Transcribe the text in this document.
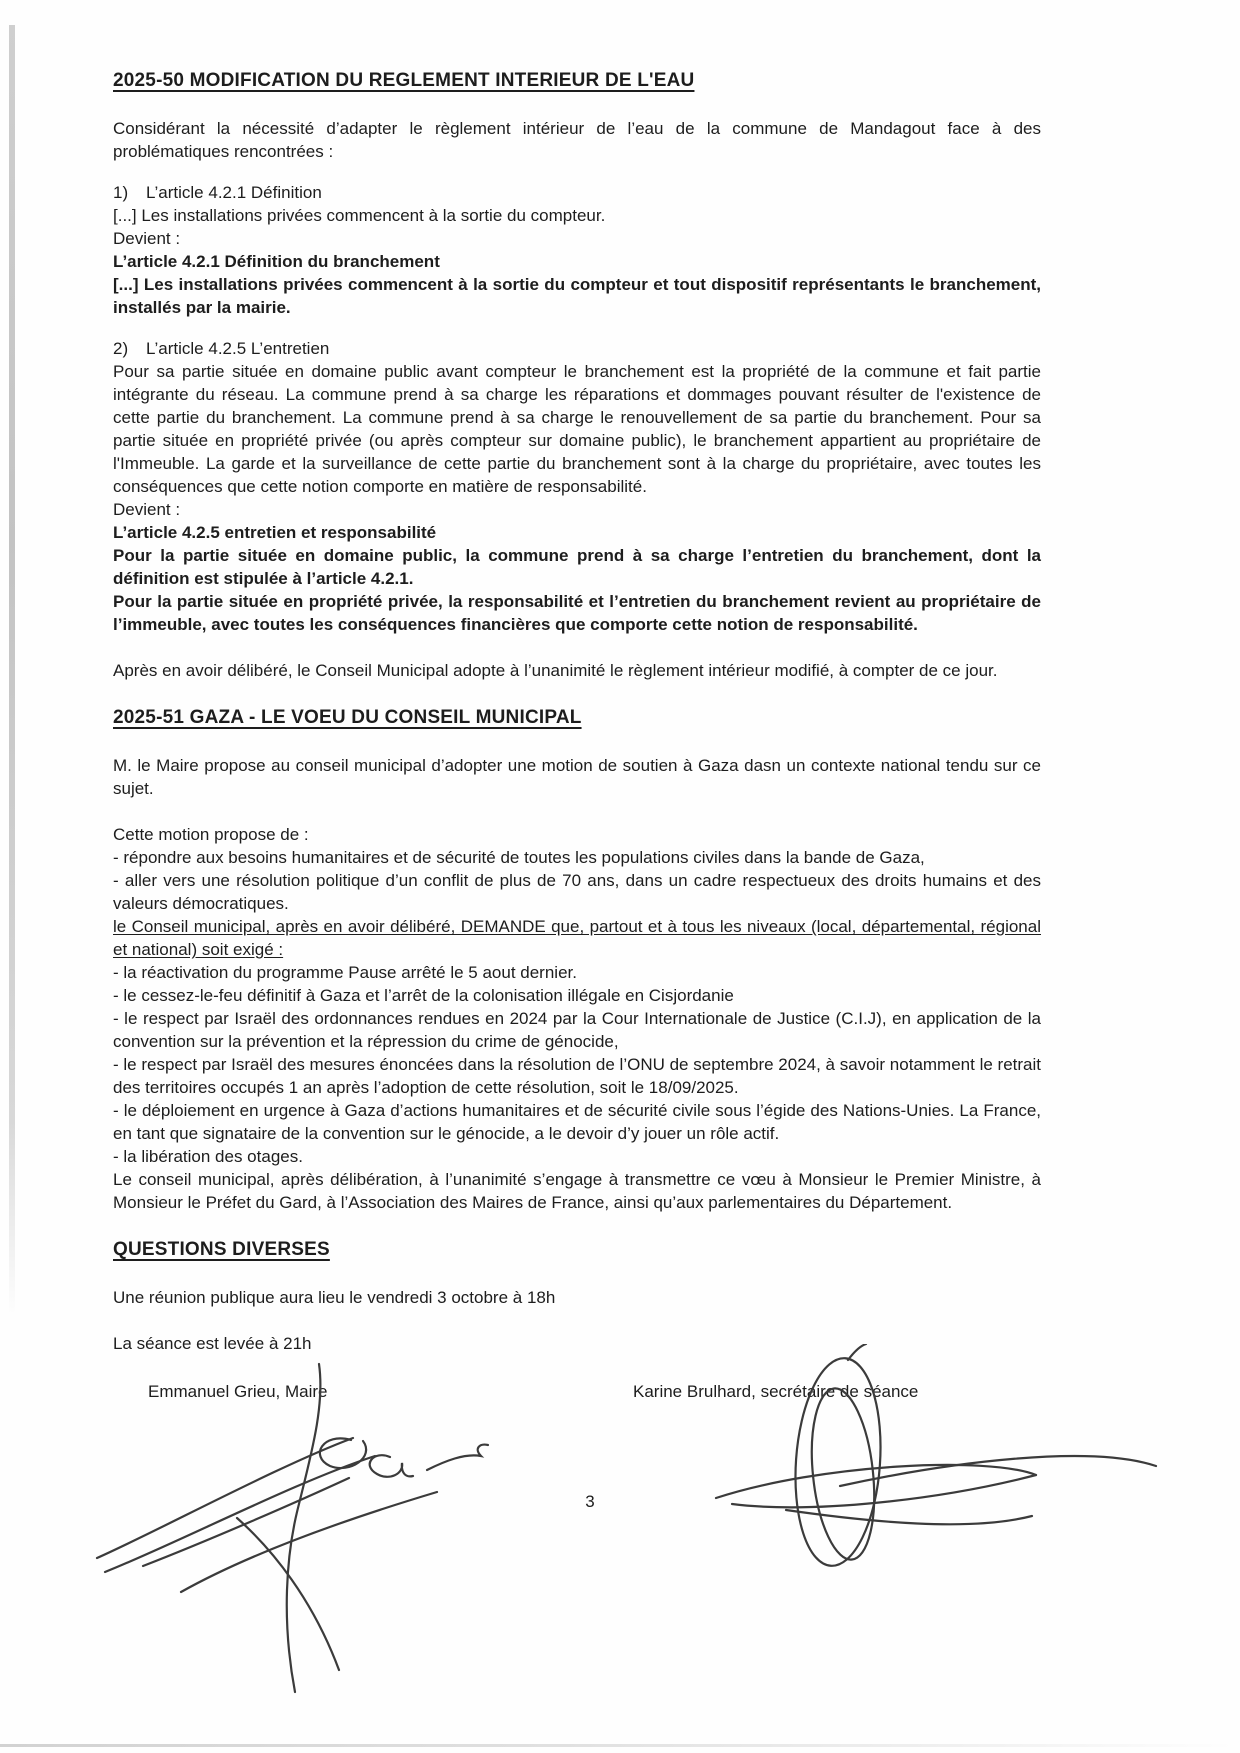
2025-50 MODIFICATION DU REGLEMENT INTERIEUR DE L'EAU

Considérant la nécessité d’adapter le règlement intérieur de l’eau de la commune de Mandagout face à des problématiques rencontrées :

1) L’article 4.2.1 Définition

[...] Les installations privées commencent à la sortie du compteur.

Devient :

L’article 4.2.1 Définition du branchement

[...] Les installations privées commencent à la sortie du compteur et tout dispositif représentants le branchement, installés par la mairie.

2) L’article 4.2.5 L’entretien

Pour sa partie située en domaine public avant compteur le branchement est la propriété de la commune et fait partie intégrante du réseau. La commune prend à sa charge les réparations et dommages pouvant résulter de l'existence de cette partie du branchement. La commune prend à sa charge le renouvellement de sa partie du branchement. Pour sa partie située en propriété privée (ou après compteur sur domaine public), le branchement appartient au propriétaire de l'Immeuble. La garde et la surveillance de cette partie du branchement sont à la charge du propriétaire, avec toutes les conséquences que cette notion comporte en matière de responsabilité.

Devient :

L’article 4.2.5 entretien et responsabilité

Pour la partie située en domaine public, la commune prend à sa charge l’entretien du branchement, dont la définition est stipulée à l’article 4.2.1.

Pour la partie située en propriété privée, la responsabilité et l’entretien du branchement revient au propriétaire de l’immeuble, avec toutes les conséquences financières que comporte cette notion de responsabilité.

Après en avoir délibéré, le Conseil Municipal adopte à l’unanimité le règlement intérieur modifié, à compter de ce jour.

2025-51 GAZA - LE VOEU DU CONSEIL MUNICIPAL

M. le Maire propose au conseil municipal d’adopter une motion de soutien à Gaza dasn un contexte national tendu sur ce sujet.

Cette motion propose de :

- répondre aux besoins humanitaires et de sécurité de toutes les populations civiles dans la bande de Gaza,

- aller vers une résolution politique d’un conflit de plus de 70 ans, dans un cadre respectueux des droits humains et des valeurs démocratiques.

le Conseil municipal, après en avoir délibéré, DEMANDE que, partout et à tous les niveaux (local, départemental, régional et national) soit exigé :

- la réactivation du programme Pause arrêté le 5 aout dernier.

- le cessez-le-feu définitif à Gaza et l’arrêt de la colonisation illégale en Cisjordanie

- le respect par Israël des ordonnances rendues en 2024 par la Cour Internationale de Justice (C.I.J), en application de la convention sur la prévention et la répression du crime de génocide,

- le respect par Israël des mesures énoncées dans la résolution de l’ONU de septembre 2024, à savoir notamment le retrait des territoires occupés 1 an après l’adoption de cette résolution, soit le 18/09/2025.

- le déploiement en urgence à Gaza d’actions humanitaires et de sécurité civile sous l’égide des Nations-Unies. La France, en tant que signataire de la convention sur le génocide, a le devoir d’y jouer un rôle actif.

- la libération des otages.

Le conseil municipal, après délibération, à l’unanimité s’engage à transmettre ce vœu à Monsieur le Premier Ministre, à Monsieur le Préfet du Gard, à l’Association des Maires de France, ainsi qu’aux parlementaires du Département.

QUESTIONS DIVERSES

Une réunion publique aura lieu le vendredi 3 octobre à 18h

La séance est levée à 21h

Emmanuel Grieu, Maire	Karine Brulhard, secrétaire de séance
3
